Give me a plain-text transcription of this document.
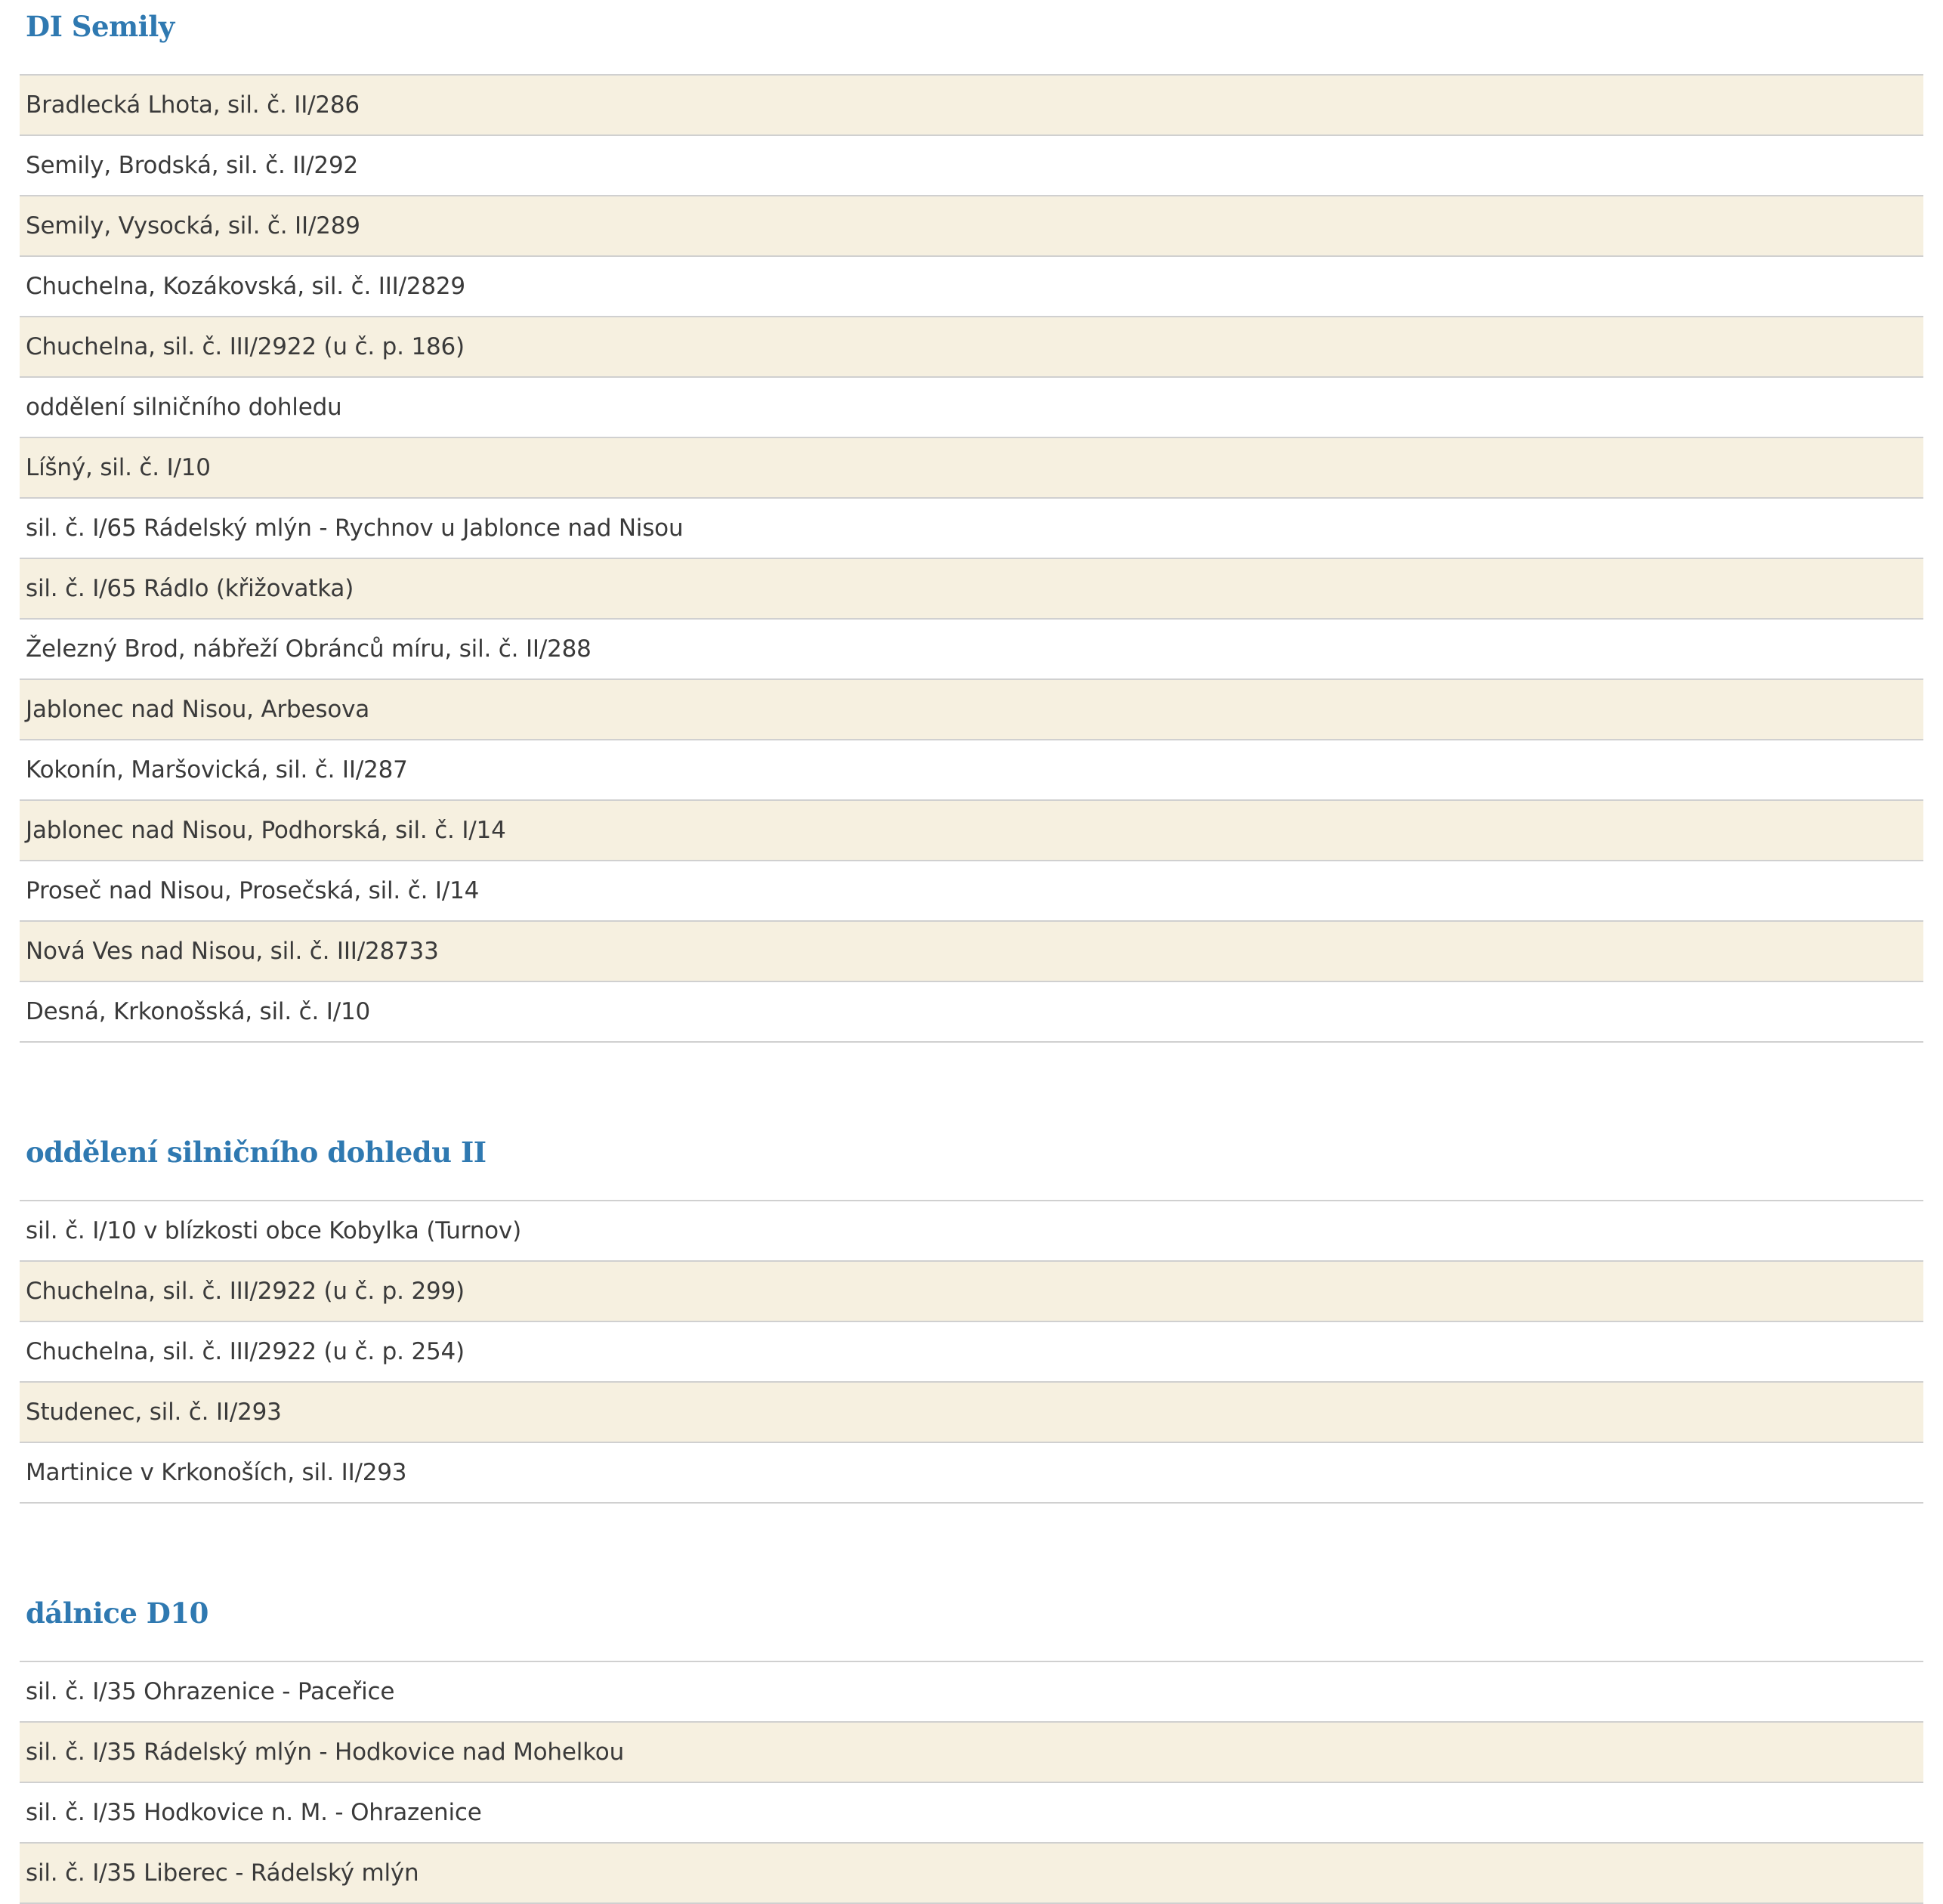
DI Semily
Bradlecká Lhota, sil. č. II/286
Semily, Brodská, sil. č. II/292
Semily, Vysocká, sil. č. II/289
Chuchelna, Kozákovská, sil. č. III/2829
Chuchelna, sil. č. III/2922 (u č. p. 186)
oddělení silničního dohledu
Líšný, sil. č. I/10
sil. č. I/65 Rádelský mlýn - Rychnov u Jablonce nad Nisou
sil. č. I/65 Rádlo (křižovatka)
Železný Brod, nábřeží Obránců míru, sil. č. II/288
Jablonec nad Nisou, Arbesova
Kokonín, Maršovická, sil. č. II/287
Jablonec nad Nisou, Podhorská, sil. č. I/14
Proseč nad Nisou, Prosečská, sil. č. I/14
Nová Ves nad Nisou, sil. č. III/28733
Desná, Krkonošská, sil. č. I/10
oddělení silničního dohledu II
sil. č. I/10 v blízkosti obce Kobylka (Turnov)
Chuchelna, sil. č. III/2922 (u č. p. 299)
Chuchelna, sil. č. III/2922 (u č. p. 254)
Studenec, sil. č. II/293
Martinice v Krkonoších, sil. II/293
dálnice D10
sil. č. I/35 Ohrazenice - Paceřice
sil. č. I/35 Rádelský mlýn - Hodkovice nad Mohelkou
sil. č. I/35 Hodkovice n. M. - Ohrazenice
sil. č. I/35 Liberec - Rádelský mlýn
